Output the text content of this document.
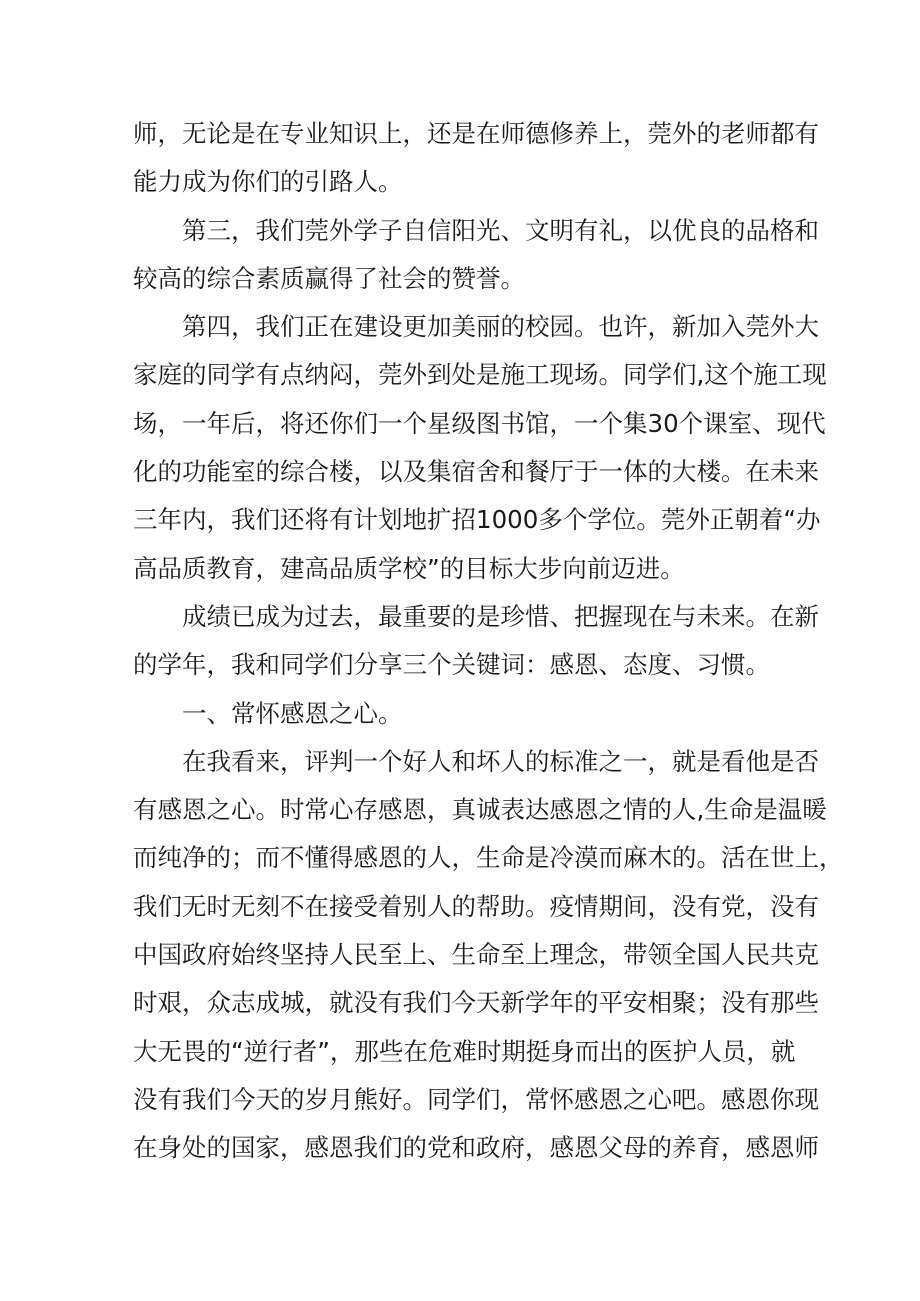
师，无论是在专业知识上，还是在师德修养上，莞外的老师都有
能力成为你们的引路人。
第三，我们莞外学子自信阳光、文明有礼，以优良的品格和
较高的综合素质赢得了社会的赞誉。
第四，我们正在建设更加美丽的校园。也许，新加入莞外大
家庭的同学有点纳闷，莞外到处是施工现场。同学们,这个施工现
场，一年后，将还你们一个星级图书馆，一个集30个课室、现代
化的功能室的综合楼，以及集宿舍和餐厅于一体的大楼。在未来
三年内，我们还将有计划地扩招1000多个学位。莞外正朝着“办
高品质教育，建高品质学校”的目标大步向前迈进。
成绩已成为过去，最重要的是珍惜、把握现在与未来。在新
的学年，我和同学们分享三个关键词：感恩、态度、习惯。
一、常怀感恩之心。
在我看来，评判一个好人和坏人的标准之一，就是看他是否
有感恩之心。时常心存感恩，真诚表达感恩之情的人,生命是温暖
而纯净的；而不懂得感恩的人，生命是冷漠而麻木的。活在世上，
我们无时无刻不在接受着别人的帮助。疫情期间，没有党，没有
中国政府始终坚持人民至上、生命至上理念，带领全国人民共克
时艰，众志成城，就没有我们今天新学年的平安相聚；没有那些
大无畏的“逆行者”，那些在危难时期挺身而出的医护人员，就
没有我们今天的岁月熊好。同学们，常怀感恩之心吧。感恩你现
在身处的国家，感恩我们的党和政府，感恩父母的养育，感恩师
